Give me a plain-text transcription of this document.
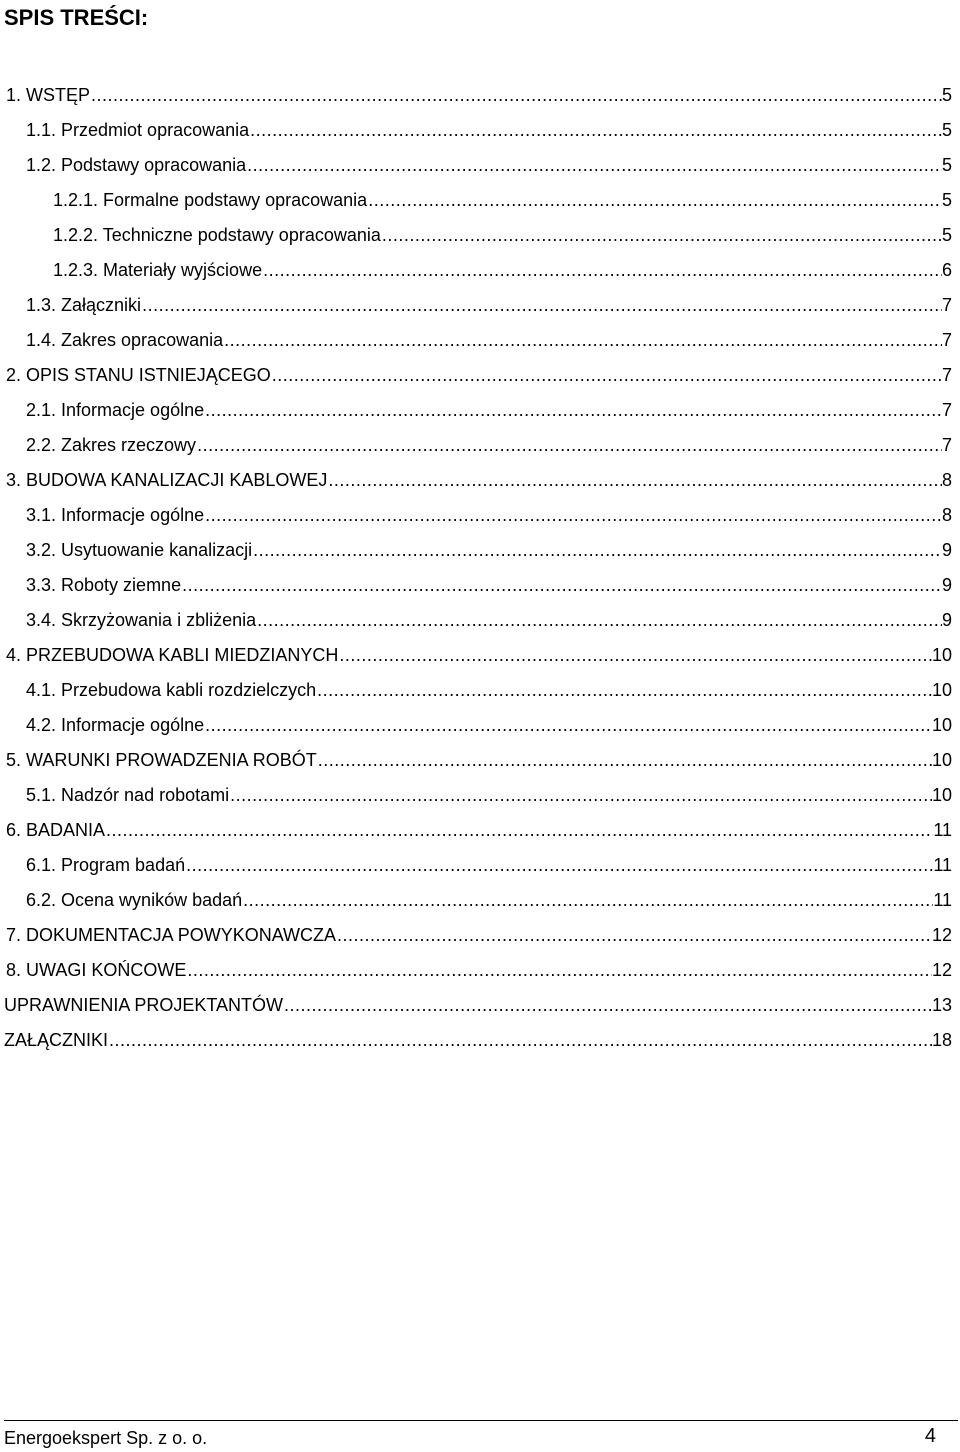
SPIS TREŚCI:
1. WSTĘP .....	5
1.1. Przedmiot opracowania .....	5
1.2. Podstawy opracowania .....	5
1.2.1. Formalne podstawy opracowania .....	5
1.2.2. Techniczne podstawy opracowania .....	5
1.2.3. Materiały wyjściowe .....	6
1.3. Załączniki .....	7
1.4. Zakres opracowania .....	7
2. OPIS STANU ISTNIEJĄCEGO .....	7
2.1. Informacje ogólne .....	7
2.2. Zakres rzeczowy .....	7
3. BUDOWA KANALIZACJI KABLOWEJ .....	8
3.1. Informacje ogólne .....	8
3.2. Usytuowanie kanalizacji .....	9
3.3. Roboty ziemne .....	9
3.4. Skrzyżowania i zbliżenia .....	9
4. PRZEBUDOWA KABLI MIEDZIANYCH .....	10
4.1. Przebudowa kabli rozdzielczych .....	10
4.2. Informacje ogólne .....	10
5. WARUNKI PROWADZENIA ROBÓT .....	10
5.1. Nadzór nad robotami .....	10
6. BADANIA .....	11
6.1. Program badań .....	11
6.2. Ocena wyników badań .....	11
7. DOKUMENTACJA POWYKONAWCZA .....	12
8. UWAGI KOŃCOWE .....	12
UPRAWNIENIA PROJEKTANTÓW .....	13
ZAŁĄCZNIKI .....	18
Energoekspert Sp. z o. o.	4
